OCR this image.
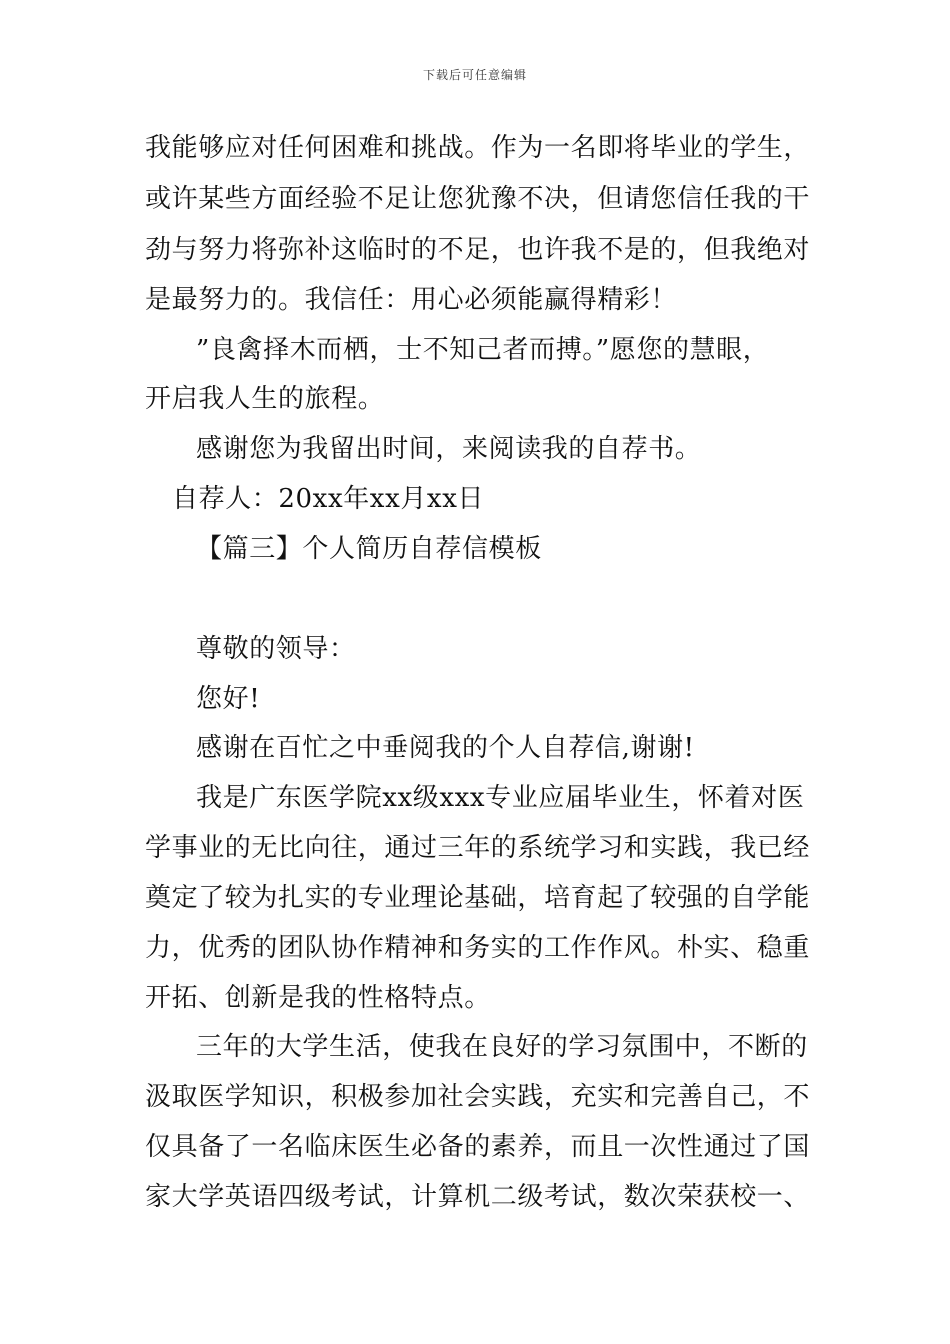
下载后可任意编辑
我能够应对任何困难和挑战。作为一名即将毕业的学生，
或许某些方面经验不足让您犹豫不决，但请您信任我的干
劲与努力将弥补这临时的不足，也许我不是的，但我绝对
是最努力的。我信任：用心必须能赢得精彩！
”良禽择木而栖，士不知己者而搏。”愿您的慧眼，
开启我人生的旅程。
感谢您为我留出时间，来阅读我的自荐书。
自荐人：20xx年xx月xx日
【篇三】个人简历自荐信模板
尊敬的领导：
您好!
感谢在百忙之中垂阅我的个人自荐信,谢谢!
我是广东医学院xx级xxx专业应届毕业生，怀着对医
学事业的无比向往，通过三年的系统学习和实践，我已经
奠定了较为扎实的专业理论基础，培育起了较强的自学能
力，优秀的团队协作精神和务实的工作作风。朴实、稳重
开拓、创新是我的性格特点。
三年的大学生活，使我在良好的学习氛围中，不断的
汲取医学知识，积极参加社会实践，充实和完善自己，不
仅具备了一名临床医生必备的素养，而且一次性通过了国
家大学英语四级考试，计算机二级考试，数次荣获校一、
